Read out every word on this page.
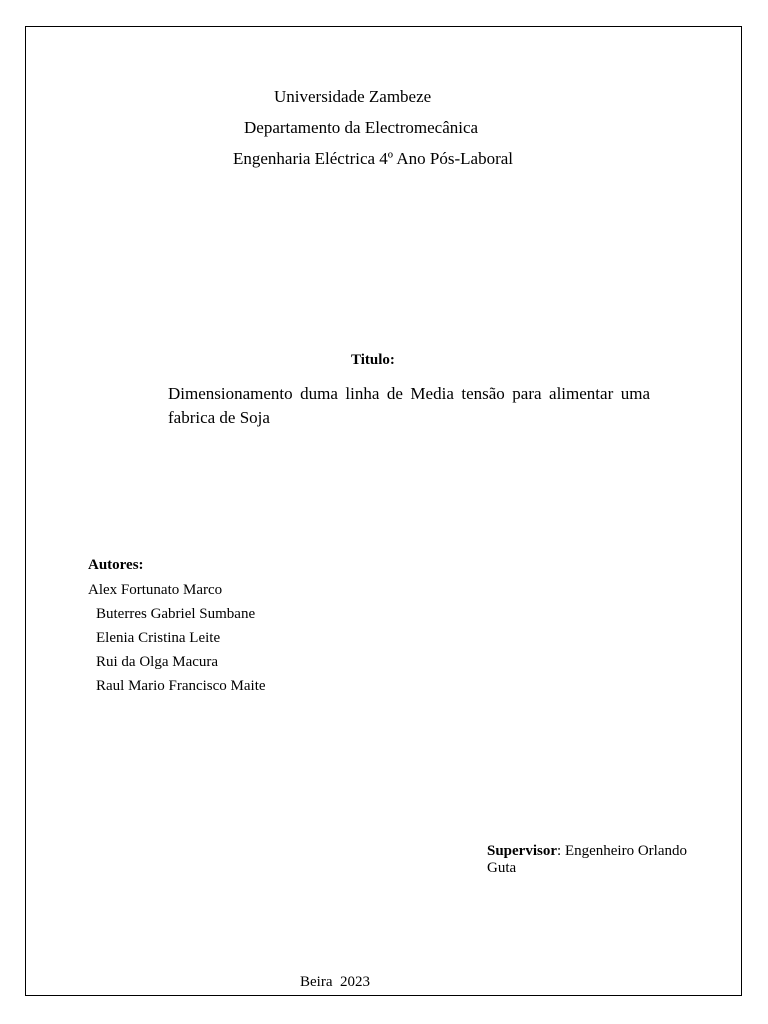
Universidade Zambeze
Departamento da Electromecânica
Engenharia Eléctrica 4º Ano Pós-Laboral
Titulo:
Dimensionamento duma linha de Media tensão para alimentar uma fabrica de Soja
Autores:
Alex Fortunato Marco
Buterres Gabriel Sumbane
Elenia Cristina Leite
Rui da Olga Macura
Raul Mario Francisco Maite
Supervisor: Engenheiro Orlando Guta
Beira  2023
